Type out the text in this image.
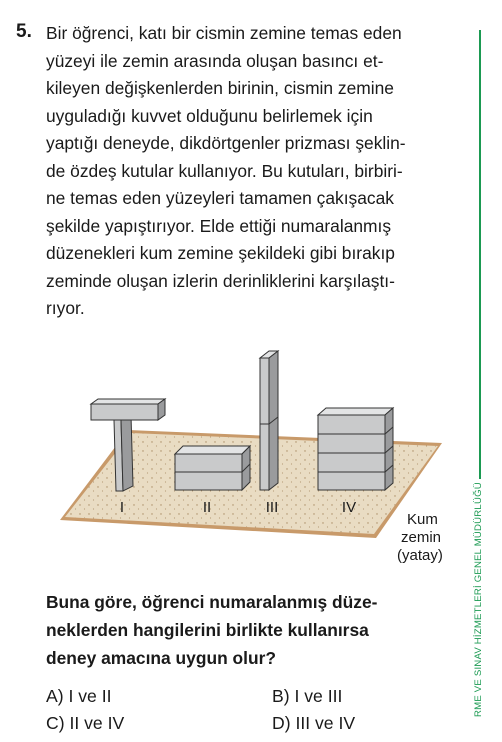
5. Bir öğrenci, katı bir cismin zemine temas eden
yüzeyi ile zemin arasında oluşan basıncı et-
kileyen değişkenlerden birinin, cismin zemine
uyguladığı kuvvet olduğunu belirlemek için
yaptığı deneyde, dikdörtgenler prizması şeklin-
de özdeş kutular kullanıyor. Bu kutuları, birbiri-
ne temas eden yüzeyleri tamamen çakışacak
şekilde yapıştırıyor. Elde ettiği numaralanmış
düzenekleri kum zemine şekildeki gibi bırakıp
zeminde oluşan izlerin derinliklerini karşılaştı-
rıyor.
I	II	III	IV
Kum
zemin
(yatay)
Buna göre, öğrenci numaralanmış düze-
neklerden hangilerini birlikte kullanırsa
deney amacına uygun olur?
A) I ve II	B) I ve III
C) II ve IV	D) III ve IV
RME VE SINAV HİZMETLERİ GENEL MÜDÜRLÜĞÜ
